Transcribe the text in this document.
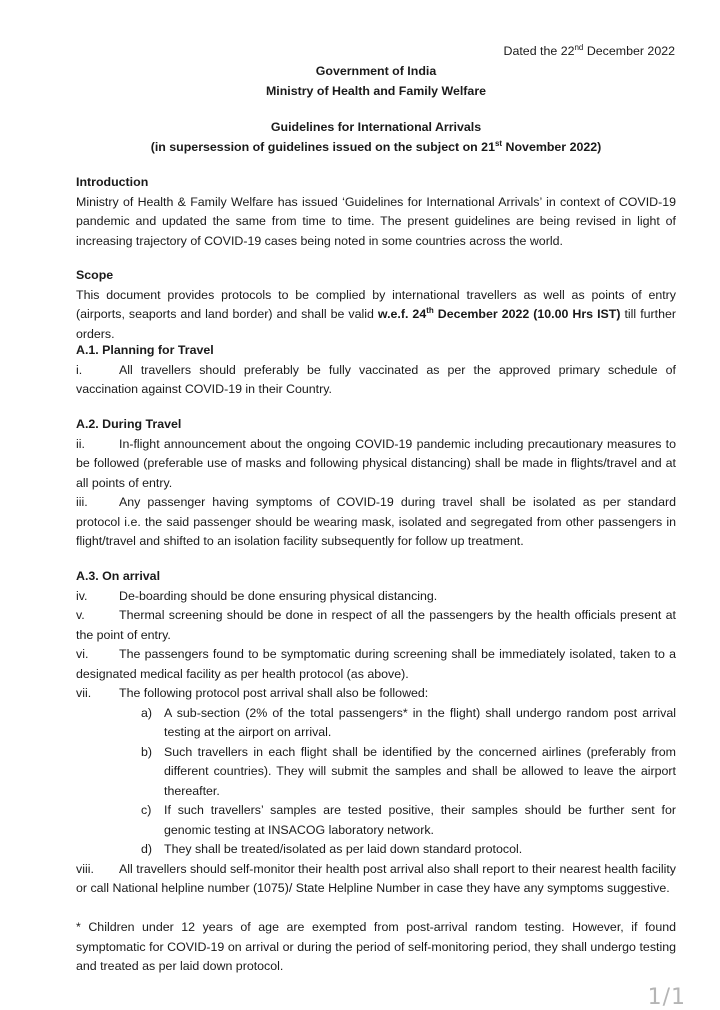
Dated the 22nd December 2022
Government of India
Ministry of Health and Family Welfare
Guidelines for International Arrivals
(in supersession of guidelines issued on the subject on 21st November 2022)
Introduction
Ministry of Health & Family Welfare has issued ‘Guidelines for International Arrivals’ in context of COVID-19 pandemic and updated the same from time to time. The present guidelines are being revised in light of increasing trajectory of COVID-19 cases being noted in some countries across the world.
Scope
This document provides protocols to be complied by international travellers as well as points of entry (airports, seaports and land border) and shall be valid w.e.f. 24th December 2022 (10.00 Hrs IST) till further orders.
A.1. Planning for Travel
i.	All travellers should preferably be fully vaccinated as per the approved primary schedule of vaccination against COVID-19 in their Country.
A.2. During Travel
ii.	In-flight announcement about the ongoing COVID-19 pandemic including precautionary measures to be followed (preferable use of masks and following physical distancing) shall be made in flights/travel and at all points of entry.
iii.	Any passenger having symptoms of COVID-19 during travel shall be isolated as per standard protocol i.e. the said passenger should be wearing mask, isolated and segregated from other passengers in flight/travel and shifted to an isolation facility subsequently for follow up treatment.
A.3. On arrival
iv.	De-boarding should be done ensuring physical distancing.
v.	Thermal screening should be done in respect of all the passengers by the health officials present at the point of entry.
vi. The passengers found to be symptomatic during screening shall be immediately isolated, taken to a designated medical facility as per health protocol (as above).
vii. The following protocol post arrival shall also be followed:
a) A sub-section (2% of the total passengers* in the flight) shall undergo random post arrival testing at the airport on arrival.
b) Such travellers in each flight shall be identified by the concerned airlines (preferably from different countries). They will submit the samples and shall be allowed to leave the airport thereafter.
c) If such travellers’ samples are tested positive, their samples should be further sent for genomic testing at INSACOG laboratory network.
d) They shall be treated/isolated as per laid down standard protocol.
viii. All travellers should self-monitor their health post arrival also shall report to their nearest health facility or call National helpline number (1075)/ State Helpline Number in case they have any symptoms suggestive.
* Children under 12 years of age are exempted from post-arrival random testing. However, if found symptomatic for COVID-19 on arrival or during the period of self-monitoring period, they shall undergo testing and treated as per laid down protocol.
1/1
